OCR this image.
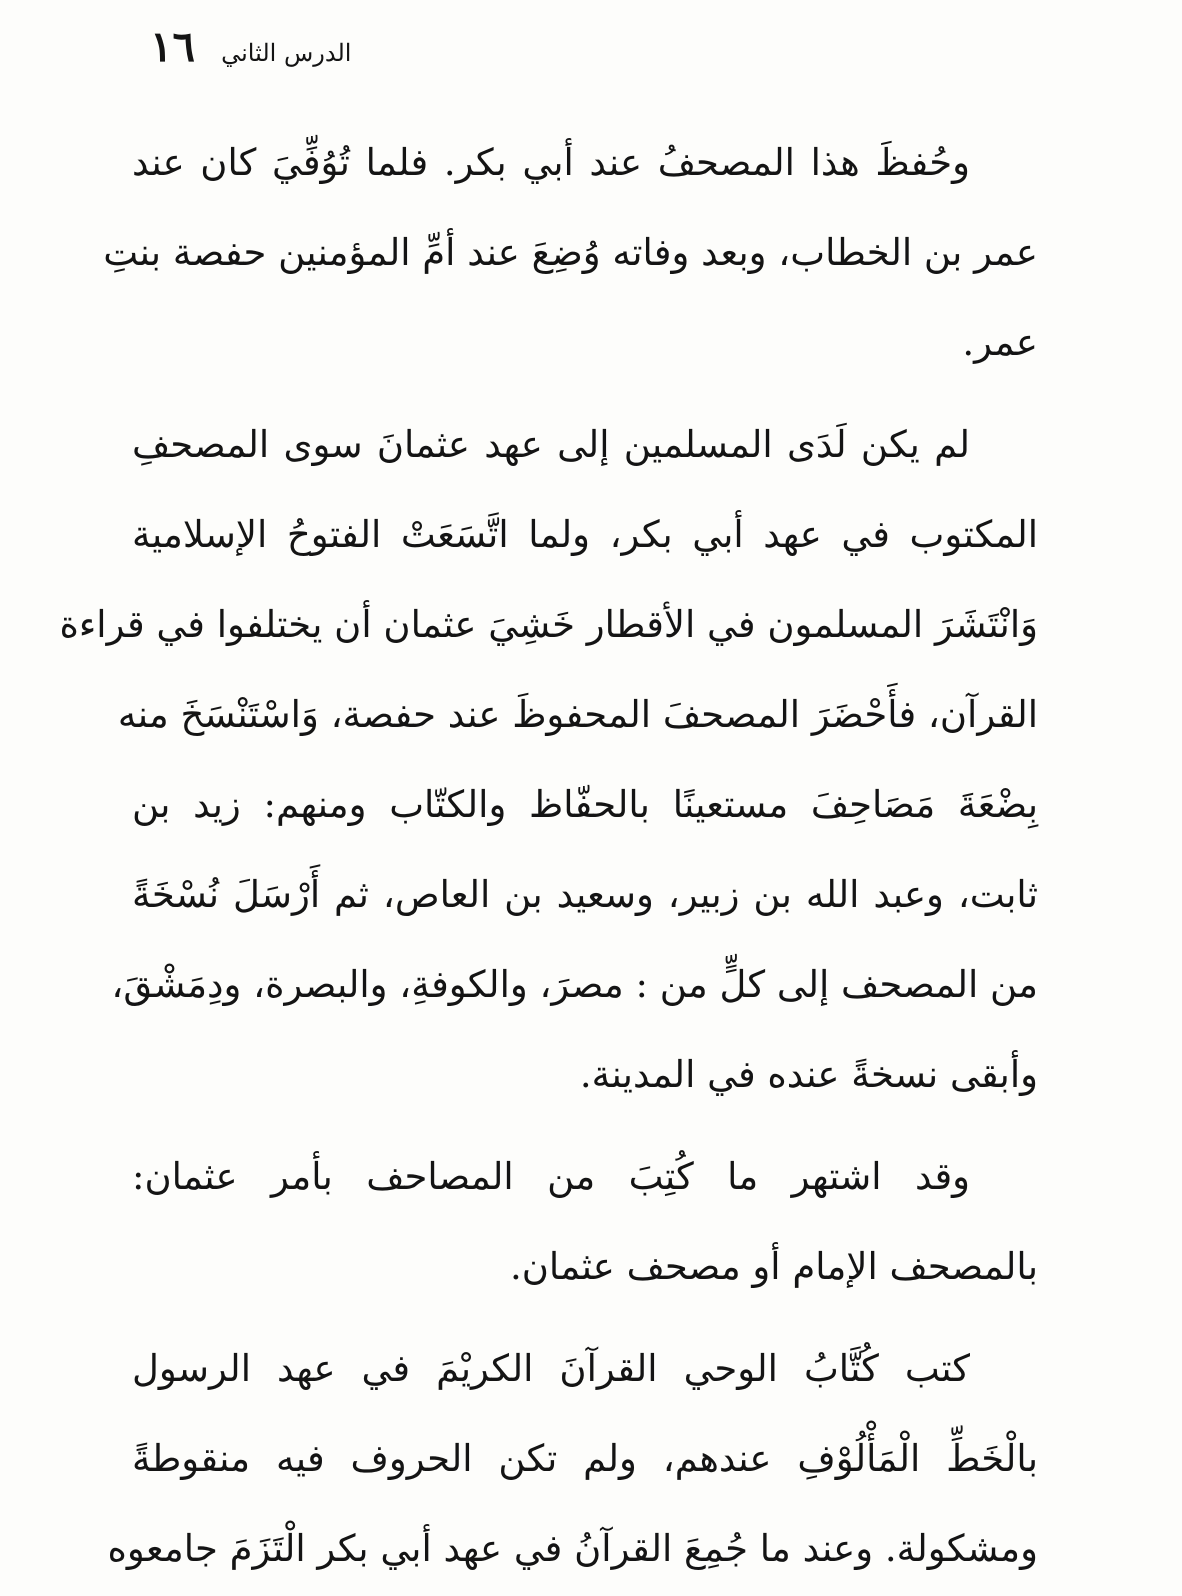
الدرس الثاني
١٦

وحُفظَ هذا المصحفُ عند أبي بكر. فلما تُوُفِّيَ كان عند
عمر بن الخطاب، وبعد وفاته وُضِعَ عند أمِّ المؤمنين حفصة بنتِ
عمر.

لم يكن لَدَى المسلمين إلى عهد عثمانَ سوى المصحفِ
المكتوب في عهد أبي بكر، ولما اتَّسَعَتْ الفتوحُ الإسلامية
وَانْتَشَرَ المسلمون في الأقطار خَشِيَ عثمان أن يختلفوا في قراءة
القرآن، فأَحْضَرَ المصحفَ المحفوظَ عند حفصة، وَاسْتَنْسَخَ منه
بِضْعَةَ مَصَاحِفَ مستعينًا بالحفّاظ والكتّاب ومنهم: زيد بن
ثابت، وعبد الله بن زبير، وسعيد بن العاص، ثم أَرْسَلَ نُسْخَةً
من المصحف إلى كلٍّ من : مصرَ، والكوفةِ، والبصرة، ودِمَشْقَ،
وأبقى نسخةً عنده في المدينة.

وقد اشتهر ما كُتِبَ من المصاحف بأمر عثمان:
بالمصحف الإمام أو مصحف عثمان.

كتب كُتَّابُ الوحي القرآنَ الكريْمَ في عهد الرسول
بالْخَطِّ الْمَأْلُوْفِ عندهم، ولم تكن الحروف فيه منقوطةً
ومشكولة. وعند ما جُمِعَ القرآنُ في عهد أبي بكر الْتَزَمَ جامعوه
